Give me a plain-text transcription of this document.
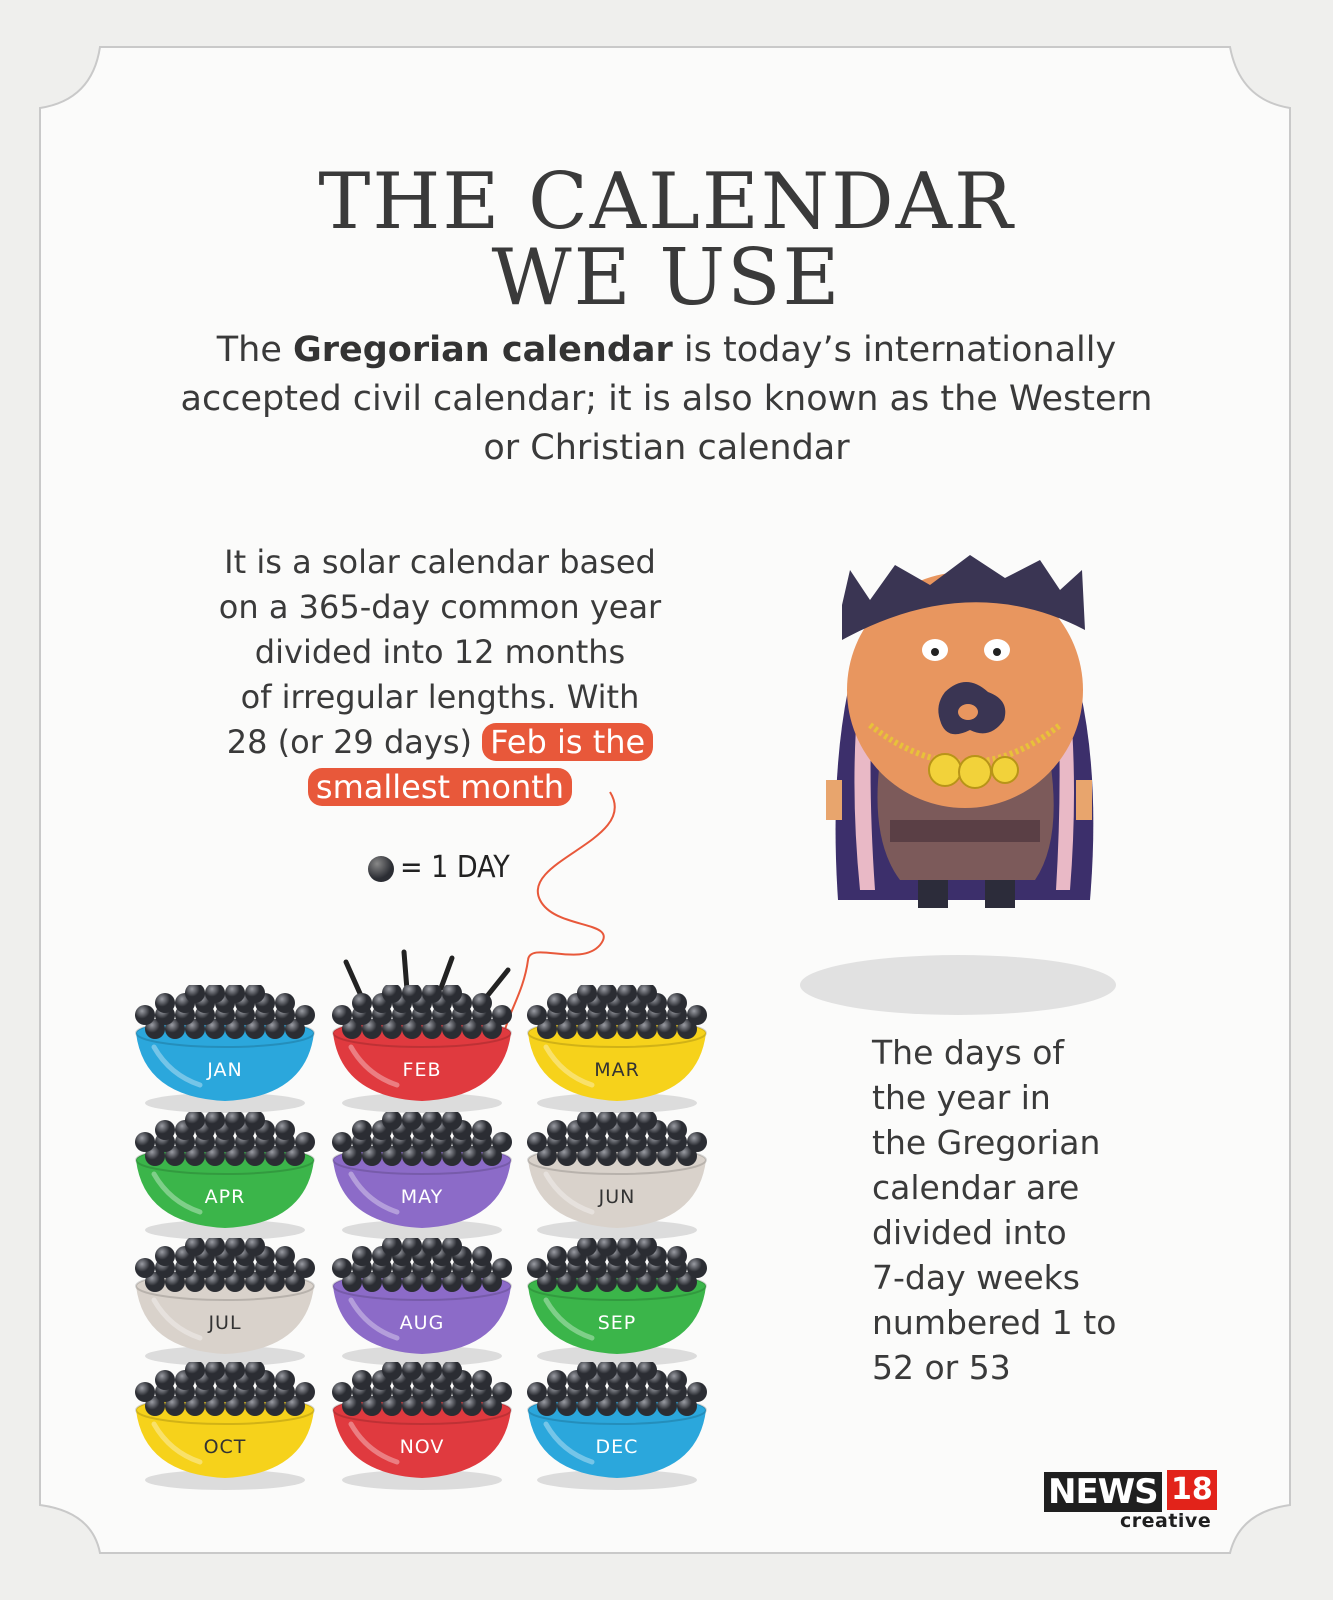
THE CALENDAR
WE USE
The Gregorian calendar is today’s internationally accepted civil calendar; it is also known as the Western or Christian calendar
It is a solar calendar based
on a 365-day common year
divided into 12 months
of irregular lengths. With
28 (or 29 days) Feb is the
smallest month
= 1 DAY
JAN	FEB	MAR
APR	MAY	JUN
JUL	AUG	SEP
OCT	NOV	DEC
The days of
the year in
the Gregorian
calendar are
divided into
7-day weeks
numbered 1 to
52 or 53
NEWS 18
creative
